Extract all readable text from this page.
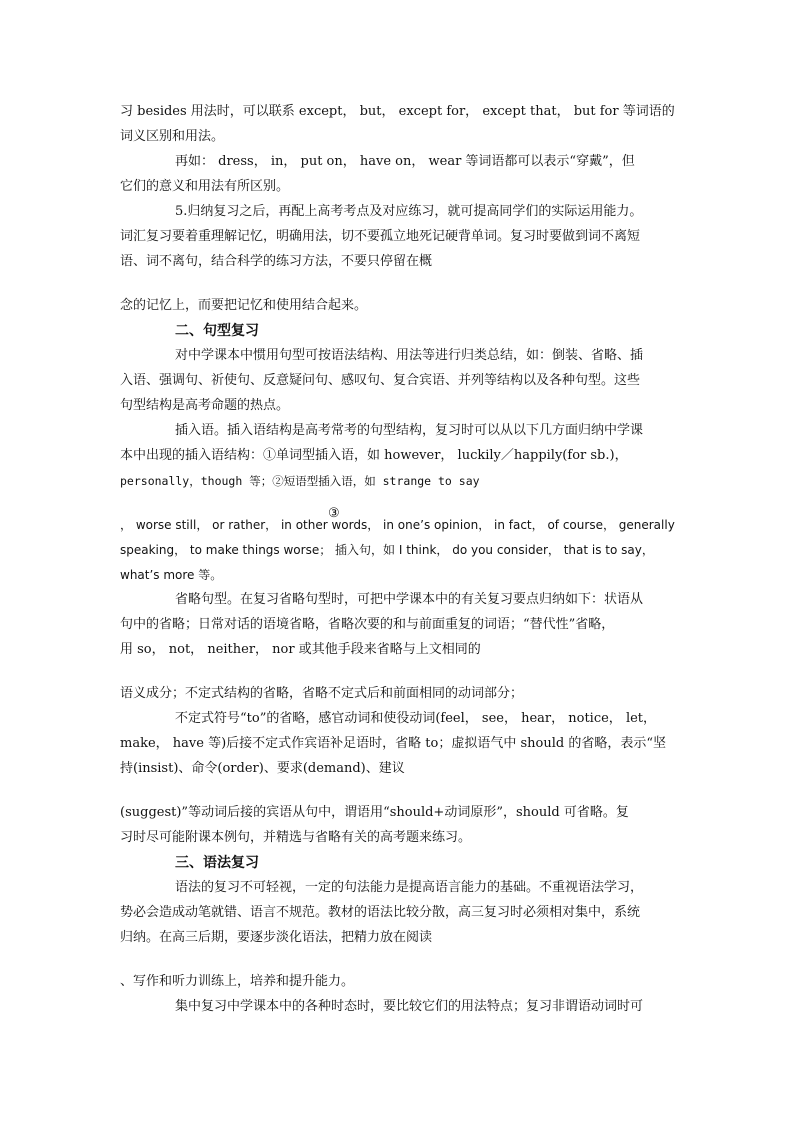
习 besides 用法时，可以联系 except， but， except for， except that， but for 等词语的
词义区别和用法。
再如： dress， in， put on， have on， wear 等词语都可以表示“穿戴”，但
它们的意义和用法有所区别。
5.归纳复习之后，再配上高考考点及对应练习，就可提高同学们的实际运用能力。
词汇复习要着重理解记忆，明确用法，切不要孤立地死记硬背单词。复习时要做到词不离短
语、词不离句，结合科学的练习方法，不要只停留在概
念的记忆上，而要把记忆和使用结合起来。
二、句型复习
对中学课本中惯用句型可按语法结构、用法等进行归类总结，如：倒装、省略、插
入语、强调句、祈使句、反意疑问句、感叹句、复合宾语、并列等结构以及各种句型。这些
句型结构是高考命题的热点。
插入语。插入语结构是高考常考的句型结构，复习时可以从以下几方面归纳中学课
本中出现的插入语结构：①单词型插入语，如 however， luckily／happily(for sb.)，
personally，though 等；②短语型插入语，如 strange to say
③
， worse still， or rather， in other words， in one’s opinion， in fact， of course， generally
speaking， to make things worse； 插入句，如 I think， do you consider， that is to say，
what’s more 等。
省略句型。在复习省略句型时，可把中学课本中的有关复习要点归纳如下：状语从
句中的省略；日常对话的语境省略，省略次要的和与前面重复的词语；“替代性”省略，
用 so， not， neither， nor 或其他手段来省略与上文相同的
语义成分；不定式结构的省略，省略不定式后和前面相同的动词部分；
不定式符号“to”的省略，感官动词和使役动词(feel， see， hear， notice， let，
make， have 等)后接不定式作宾语补足语时，省略 to；虚拟语气中 should 的省略，表示“坚
持(insist)、命令(order)、要求(demand)、建议
(suggest)”等动词后接的宾语从句中，谓语用“should+动词原形”，should 可省略。复
习时尽可能附课本例句，并精选与省略有关的高考题来练习。
三、语法复习
语法的复习不可轻视，一定的句法能力是提高语言能力的基础。不重视语法学习，
势必会造成动笔就错、语言不规范。教材的语法比较分散，高三复习时必须相对集中，系统
归纳。在高三后期，要逐步淡化语法，把精力放在阅读
、写作和听力训练上，培养和提升能力。
集中复习中学课本中的各种时态时，要比较它们的用法特点；复习非谓语动词时可
